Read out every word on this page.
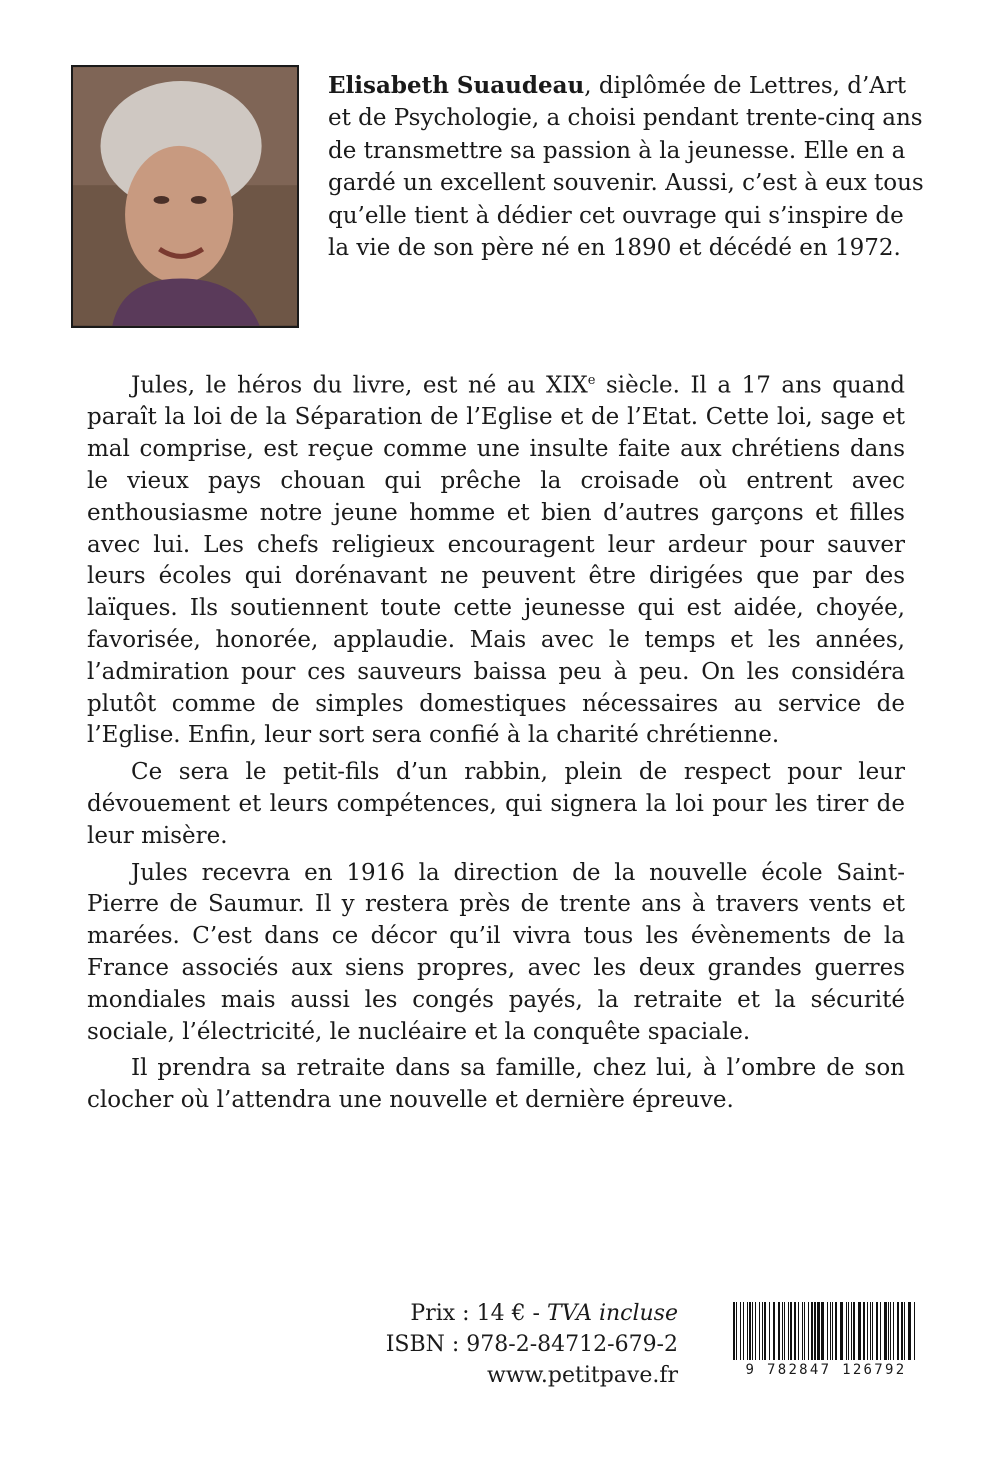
Elisabeth Suaudeau, diplômée de Lettres, d’Art et de Psychologie, a choisi pendant trente-cinq ans de transmettre sa passion à la jeunesse. Elle en a gardé un excellent souvenir. Aussi, c’est à eux tous qu’elle tient à dédier cet ouvrage qui s’inspire de la vie de son père né en 1890 et décédé en 1972.

Jules, le héros du livre, est né au XIXe siècle. Il a 17 ans quand paraît la loi de la Séparation de l’Eglise et de l’Etat. Cette loi, sage et mal comprise, est reçue comme une insulte faite aux chrétiens dans le vieux pays chouan qui prêche la croisade où entrent avec enthousiasme notre jeune homme et bien d’autres garçons et filles avec lui. Les chefs religieux encouragent leur ardeur pour sauver leurs écoles qui dorénavant ne peuvent être dirigées que par des laïques. Ils soutiennent toute cette jeunesse qui est aidée, choyée, favorisée, honorée, applaudie. Mais avec le temps et les années, l’admiration pour ces sauveurs baissa peu à peu. On les considéra plutôt comme de simples domestiques nécessaires au service de l’Eglise. Enfin, leur sort sera confié à la charité chrétienne.

Ce sera le petit-fils d’un rabbin, plein de respect pour leur dévouement et leurs compétences, qui signera la loi pour les tirer de leur misère.

Jules recevra en 1916 la direction de la nouvelle école Saint-Pierre de Saumur. Il y restera près de trente ans à travers vents et marées. C’est dans ce décor qu’il vivra tous les évènements de la France associés aux siens propres, avec les deux grandes guerres mondiales mais aussi les congés payés, la retraite et la sécurité sociale, l’électricité, le nucléaire et la conquête spaciale.

Il prendra sa retraite dans sa famille, chez lui, à l’ombre de son clocher où l’attendra une nouvelle et dernière épreuve.

Prix : 14 € - TVA incluse
ISBN : 978-2-84712-679-2
www.petitpave.fr	9 782847 126792
